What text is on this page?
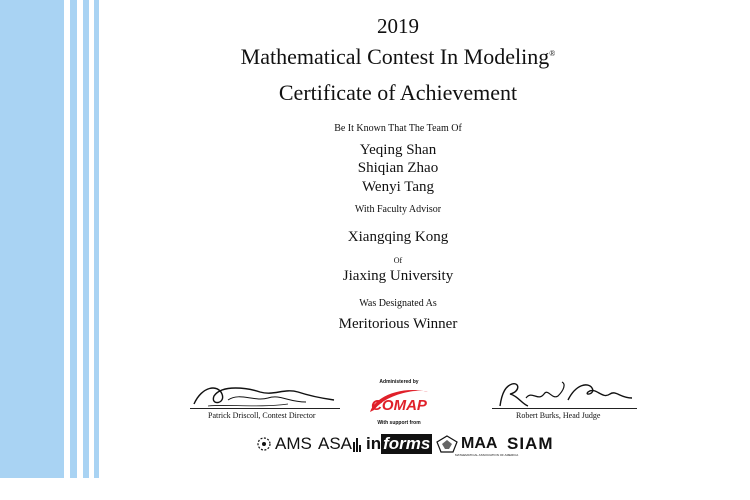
2019

Mathematical Contest In Modeling®

Certificate of Achievement

Be It Known That The Team Of

Yeqing Shan

Shiqian Zhao

Wenyi Tang

With Faculty Advisor

Xiangqing Kong

Of

Jiaxing University

Was Designated As

Meritorious Winner

Patrick Driscoll, Contest Director
Administered by
COMAP
With support from
Robert Burks, Head Judge
AMS ASA in forms MAA
MATHEMATICAL ASSOCIATION OF AMERICA
SIAM
